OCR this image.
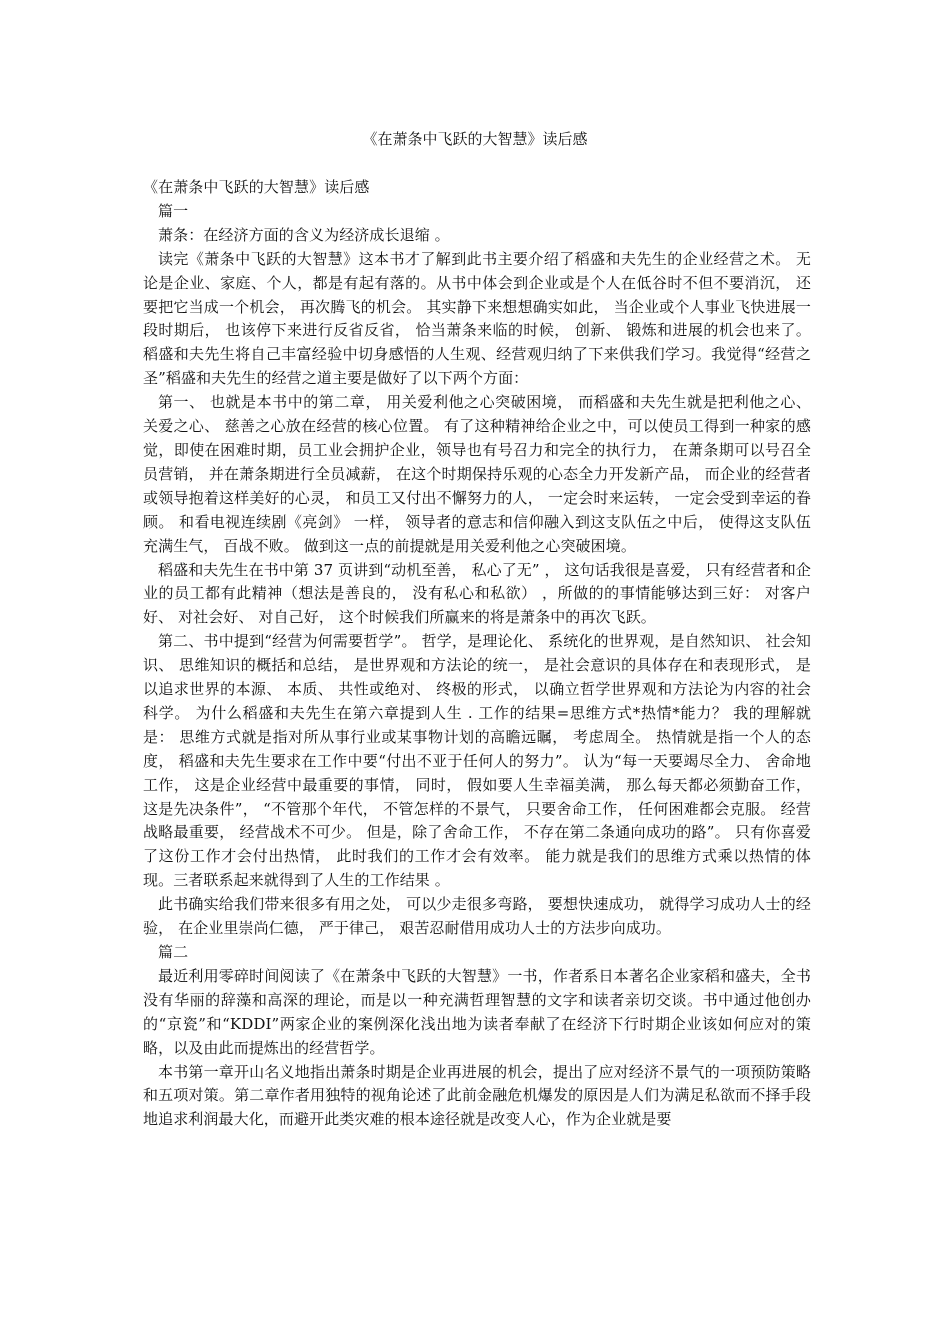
《在萧条中飞跃的大智慧》读后感

《在萧条中飞跃的大智慧》读后感

篇一

萧条：在经济方面的含义为经济成长退缩 。

读完《萧条中飞跃的大智慧》这本书才了解到此书主要介绍了稻盛和夫先生的企业经营之术。 无论是企业、家庭、个人，都是有起有落的。从书中体会到企业或是个人在低谷时不但不要消沉， 还要把它当成一个机会， 再次腾飞的机会。 其实静下来想想确实如此， 当企业或个人事业飞快进展一段时期后， 也该停下来进行反省反省， 恰当萧条来临的时候， 创新、 锻炼和进展的机会也来了。 稻盛和夫先生将自己丰富经验中切身感悟的人生观、经营观归纳了下来供我们学习。我觉得“经营之圣”稻盛和夫先生的经营之道主要是做好了以下两个方面：

第一、 也就是本书中的第二章， 用关爱利他之心突破困境， 而稻盛和夫先生就是把利他之心、 关爱之心、 慈善之心放在经营的核心位置。 有了这种精神给企业之中，可以使员工得到一种家的感觉，即使在困难时期，员工业会拥护企业，领导也有号召力和完全的执行力， 在萧条期可以号召全员营销， 并在萧条期进行全员减薪， 在这个时期保持乐观的心态全力开发新产品， 而企业的经营者或领导抱着这样美好的心灵， 和员工又付出不懈努力的人， 一定会时来运转， 一定会受到幸运的眷顾。 和看电视连续剧《亮剑》 一样， 领导者的意志和信仰融入到这支队伍之中后， 使得这支队伍充满生气， 百战不败。 做到这一点的前提就是用关爱利他之心突破困境。

稻盛和夫先生在书中第 37 页讲到“动机至善， 私心了无” ， 这句话我很是喜爱， 只有经营者和企业的员工都有此精神（想法是善良的， 没有私心和私欲） ，所做的的事情能够达到三好： 对客户好、 对社会好、 对自己好， 这个时候我们所赢来的将是萧条中的再次飞跃。

第二、书中提到“经营为何需要哲学”。 哲学，是理论化、 系统化的世界观，是自然知识、 社会知识、 思维知识的概括和总结， 是世界观和方法论的统一， 是社会意识的具体存在和表现形式， 是以追求世界的本源、 本质、 共性或绝对、 终极的形式， 以确立哲学世界观和方法论为内容的社会科学。 为什么稻盛和夫先生在第六章提到人生 . 工作的结果=思维方式*热情*能力？ 我的理解就是： 思维方式就是指对所从事行业或某事物计划的高瞻远瞩， 考虑周全。 热情就是指一个人的态度， 稻盛和夫先生要求在工作中要“付出不亚于任何人的努力”。 认为“每一天要竭尽全力、 舍命地工作， 这是企业经营中最重要的事情， 同时， 假如要人生幸福美满， 那么每天都必须勤奋工作， 这是先决条件”， “不管那个年代， 不管怎样的不景气， 只要舍命工作， 任何困难都会克服。 经营战略最重要， 经营战术不可少。 但是，除了舍命工作， 不存在第二条通向成功的路”。 只有你喜爱了这份工作才会付出热情， 此时我们的工作才会有效率。 能力就是我们的思维方式乘以热情的体现。三者联系起来就得到了人生的工作结果 。

此书确实给我们带来很多有用之处， 可以少走很多弯路， 要想快速成功， 就得学习成功人士的经验， 在企业里崇尚仁德， 严于律己， 艰苦忍耐借用成功人士的方法步向成功。

篇二

最近利用零碎时间阅读了《在萧条中飞跃的大智慧》一书，作者系日本著名企业家稻和盛夫，全书没有华丽的辞藻和高深的理论，而是以一种充满哲理智慧的文字和读者亲切交谈。书中通过他创办的“京瓷”和“KDDI”两家企业的案例深化浅出地为读者奉献了在经济下行时期企业该如何应对的策略，以及由此而提炼出的经营哲学。

本书第一章开山名义地指出萧条时期是企业再进展的机会，提出了应对经济不景气的一项预防策略和五项对策。第二章作者用独特的视角论述了此前金融危机爆发的原因是人们为满足私欲而不择手段地追求利润最大化，而避开此类灾难的根本途径就是改变人心，作为企业就是要
